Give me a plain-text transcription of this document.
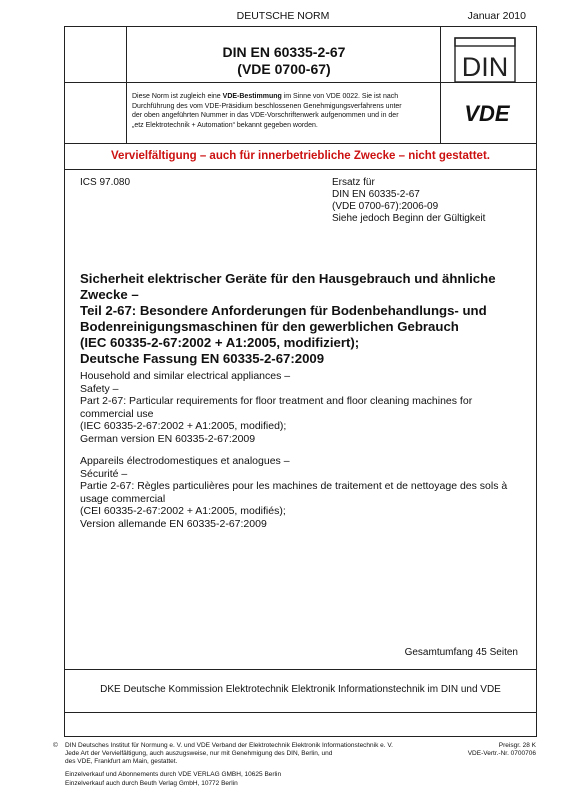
DEUTSCHE NORM	Januar 2010
DIN EN 60335-2-67
(VDE 0700-67)	DIN
VDE
Diese Norm ist zugleich eine VDE-Bestimmung im Sinne von VDE 0022. Sie ist nach
Durchführung des vom VDE-Präsidium beschlossenen Genehmigungsverfahrens unter
der oben angeführten Nummer in das VDE-Vorschriftenwerk aufgenommen und in der
„etz Elektrotechnik + Automation“ bekannt gegeben worden.
Vervielfältigung – auch für innerbetriebliche Zwecke – nicht gestattet.
ICS 97.080	Ersatz für
DIN EN 60335-2-67
(VDE 0700-67):2006-09
Siehe jedoch Beginn der Gültigkeit
Sicherheit elektrischer Geräte für den Hausgebrauch und ähnliche
Zwecke –
Teil 2-67: Besondere Anforderungen für Bodenbehandlungs- und
Bodenreinigungsmaschinen für den gewerblichen Gebrauch
(IEC 60335-2-67:2002 + A1:2005, modifiziert);
Deutsche Fassung EN 60335-2-67:2009
Household and similar electrical appliances –
Safety –
Part 2-67: Particular requirements for floor treatment and floor cleaning machines for
commercial use
(IEC 60335-2-67:2002 + A1:2005, modified);
German version EN 60335-2-67:2009
Appareils électrodomestiques et analogues –
Sécurité –
Partie 2-67: Règles particulières pour les machines de traitement et de nettoyage des sols à
usage commercial
(CEI 60335-2-67:2002 + A1:2005, modifiés);
Version allemande EN 60335-2-67:2009
Gesamtumfang 45 Seiten
DKE Deutsche Kommission Elektrotechnik Elektronik Informationstechnik im DIN und VDE
© DIN Deutsches Institut für Normung e. V. und VDE Verband der Elektrotechnik Elektronik Informationstechnik e. V.
Jede Art der Vervielfältigung, auch auszugsweise, nur mit Genehmigung des DIN, Berlin, und
des VDE, Frankfurt am Main, gestattet.
Preisgr. 28 K
VDE-Vertr.-Nr. 0700706
Einzelverkauf und Abonnements durch VDE VERLAG GMBH, 10625 Berlin
Einzelverkauf auch durch Beuth Verlag GmbH, 10772 Berlin
